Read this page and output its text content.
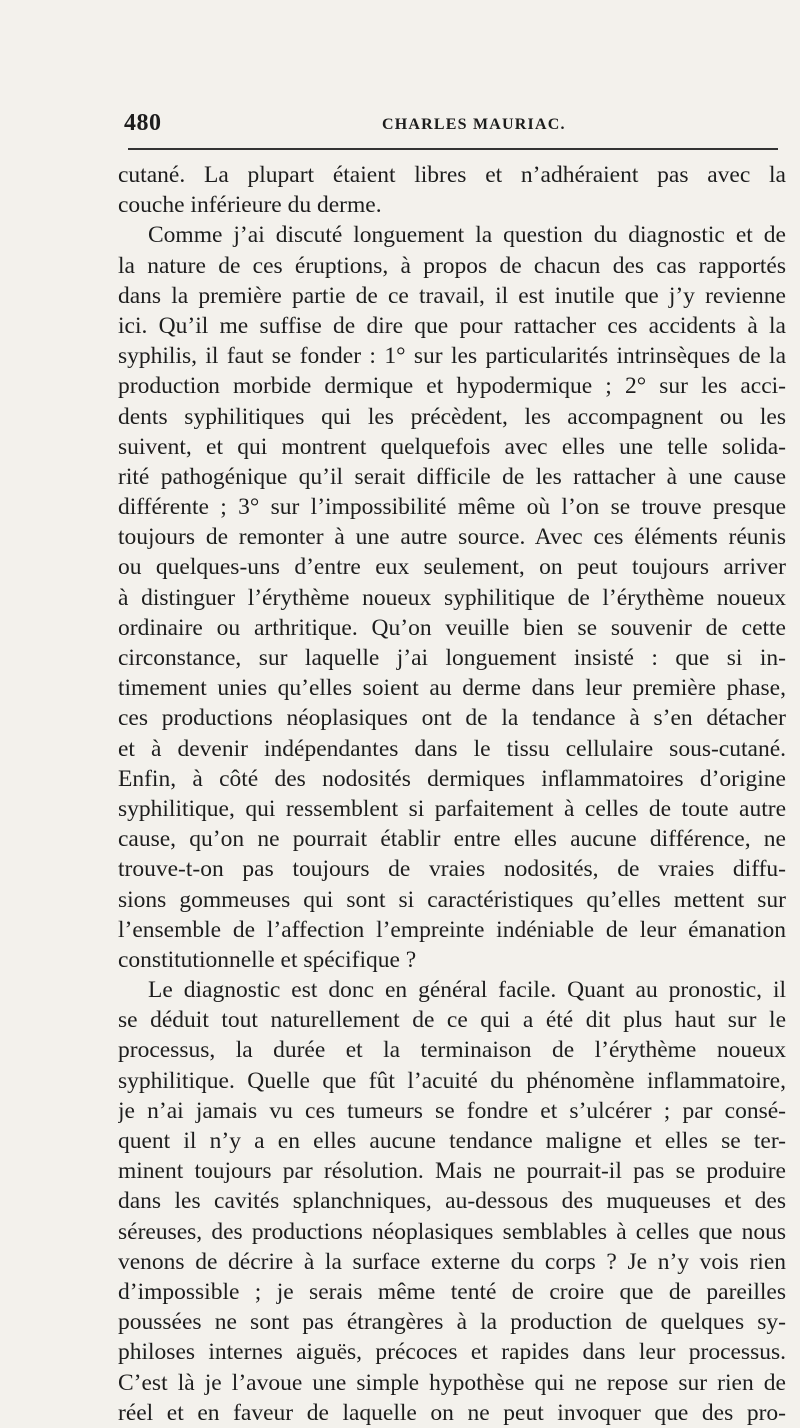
480	CHARLES MAURIAC.
cutané. La plupart étaient libres et n’adhéraient pas avec la
couche inférieure du derme.
Comme j’ai discuté longuement la question du diagnostic et de
la nature de ces éruptions, à propos de chacun des cas rapportés
dans la première partie de ce travail, il est inutile que j’y revienne
ici. Qu’il me suffise de dire que pour rattacher ces accidents à la
syphilis, il faut se fonder : 1° sur les particularités intrinsèques de la
production morbide dermique et hypodermique ; 2° sur les acci-
dents syphilitiques qui les précèdent, les accompagnent ou les
suivent, et qui montrent quelquefois avec elles une telle solida-
rité pathogénique qu’il serait difficile de les rattacher à une cause
différente ; 3° sur l’impossibilité même où l’on se trouve presque
toujours de remonter à une autre source. Avec ces éléments réunis
ou quelques-uns d’entre eux seulement, on peut toujours arriver
à distinguer l’érythème noueux syphilitique de l’érythème noueux
ordinaire ou arthritique. Qu’on veuille bien se souvenir de cette
circonstance, sur laquelle j’ai longuement insisté : que si in-
timement unies qu’elles soient au derme dans leur première phase,
ces productions néoplasiques ont de la tendance à s’en détacher
et à devenir indépendantes dans le tissu cellulaire sous-cutané.
Enfin, à côté des nodosités dermiques inflammatoires d’origine
syphilitique, qui ressemblent si parfaitement à celles de toute autre
cause, qu’on ne pourrait établir entre elles aucune différence, ne
trouve-t-on pas toujours de vraies nodosités, de vraies diffu-
sions gommeuses qui sont si caractéristiques qu’elles mettent sur
l’ensemble de l’affection l’empreinte indéniable de leur émanation
constitutionnelle et spécifique ?
Le diagnostic est donc en général facile. Quant au pronostic, il
se déduit tout naturellement de ce qui a été dit plus haut sur le
processus, la durée et la terminaison de l’érythème noueux
syphilitique. Quelle que fût l’acuité du phénomène inflammatoire,
je n’ai jamais vu ces tumeurs se fondre et s’ulcérer ; par consé-
quent il n’y a en elles aucune tendance maligne et elles se ter-
minent toujours par résolution. Mais ne pourrait-il pas se produire
dans les cavités splanchniques, au-dessous des muqueuses et des
séreuses, des productions néoplasiques semblables à celles que nous
venons de décrire à la surface externe du corps ? Je n’y vois rien
d’impossible ; je serais même tenté de croire que de pareilles
poussées ne sont pas étrangères à la production de quelques sy-
philoses internes aiguës, précoces et rapides dans leur processus.
C’est là je l’avoue une simple hypothèse qui ne repose sur rien de
réel et en faveur de laquelle on ne peut invoquer que des pro-
